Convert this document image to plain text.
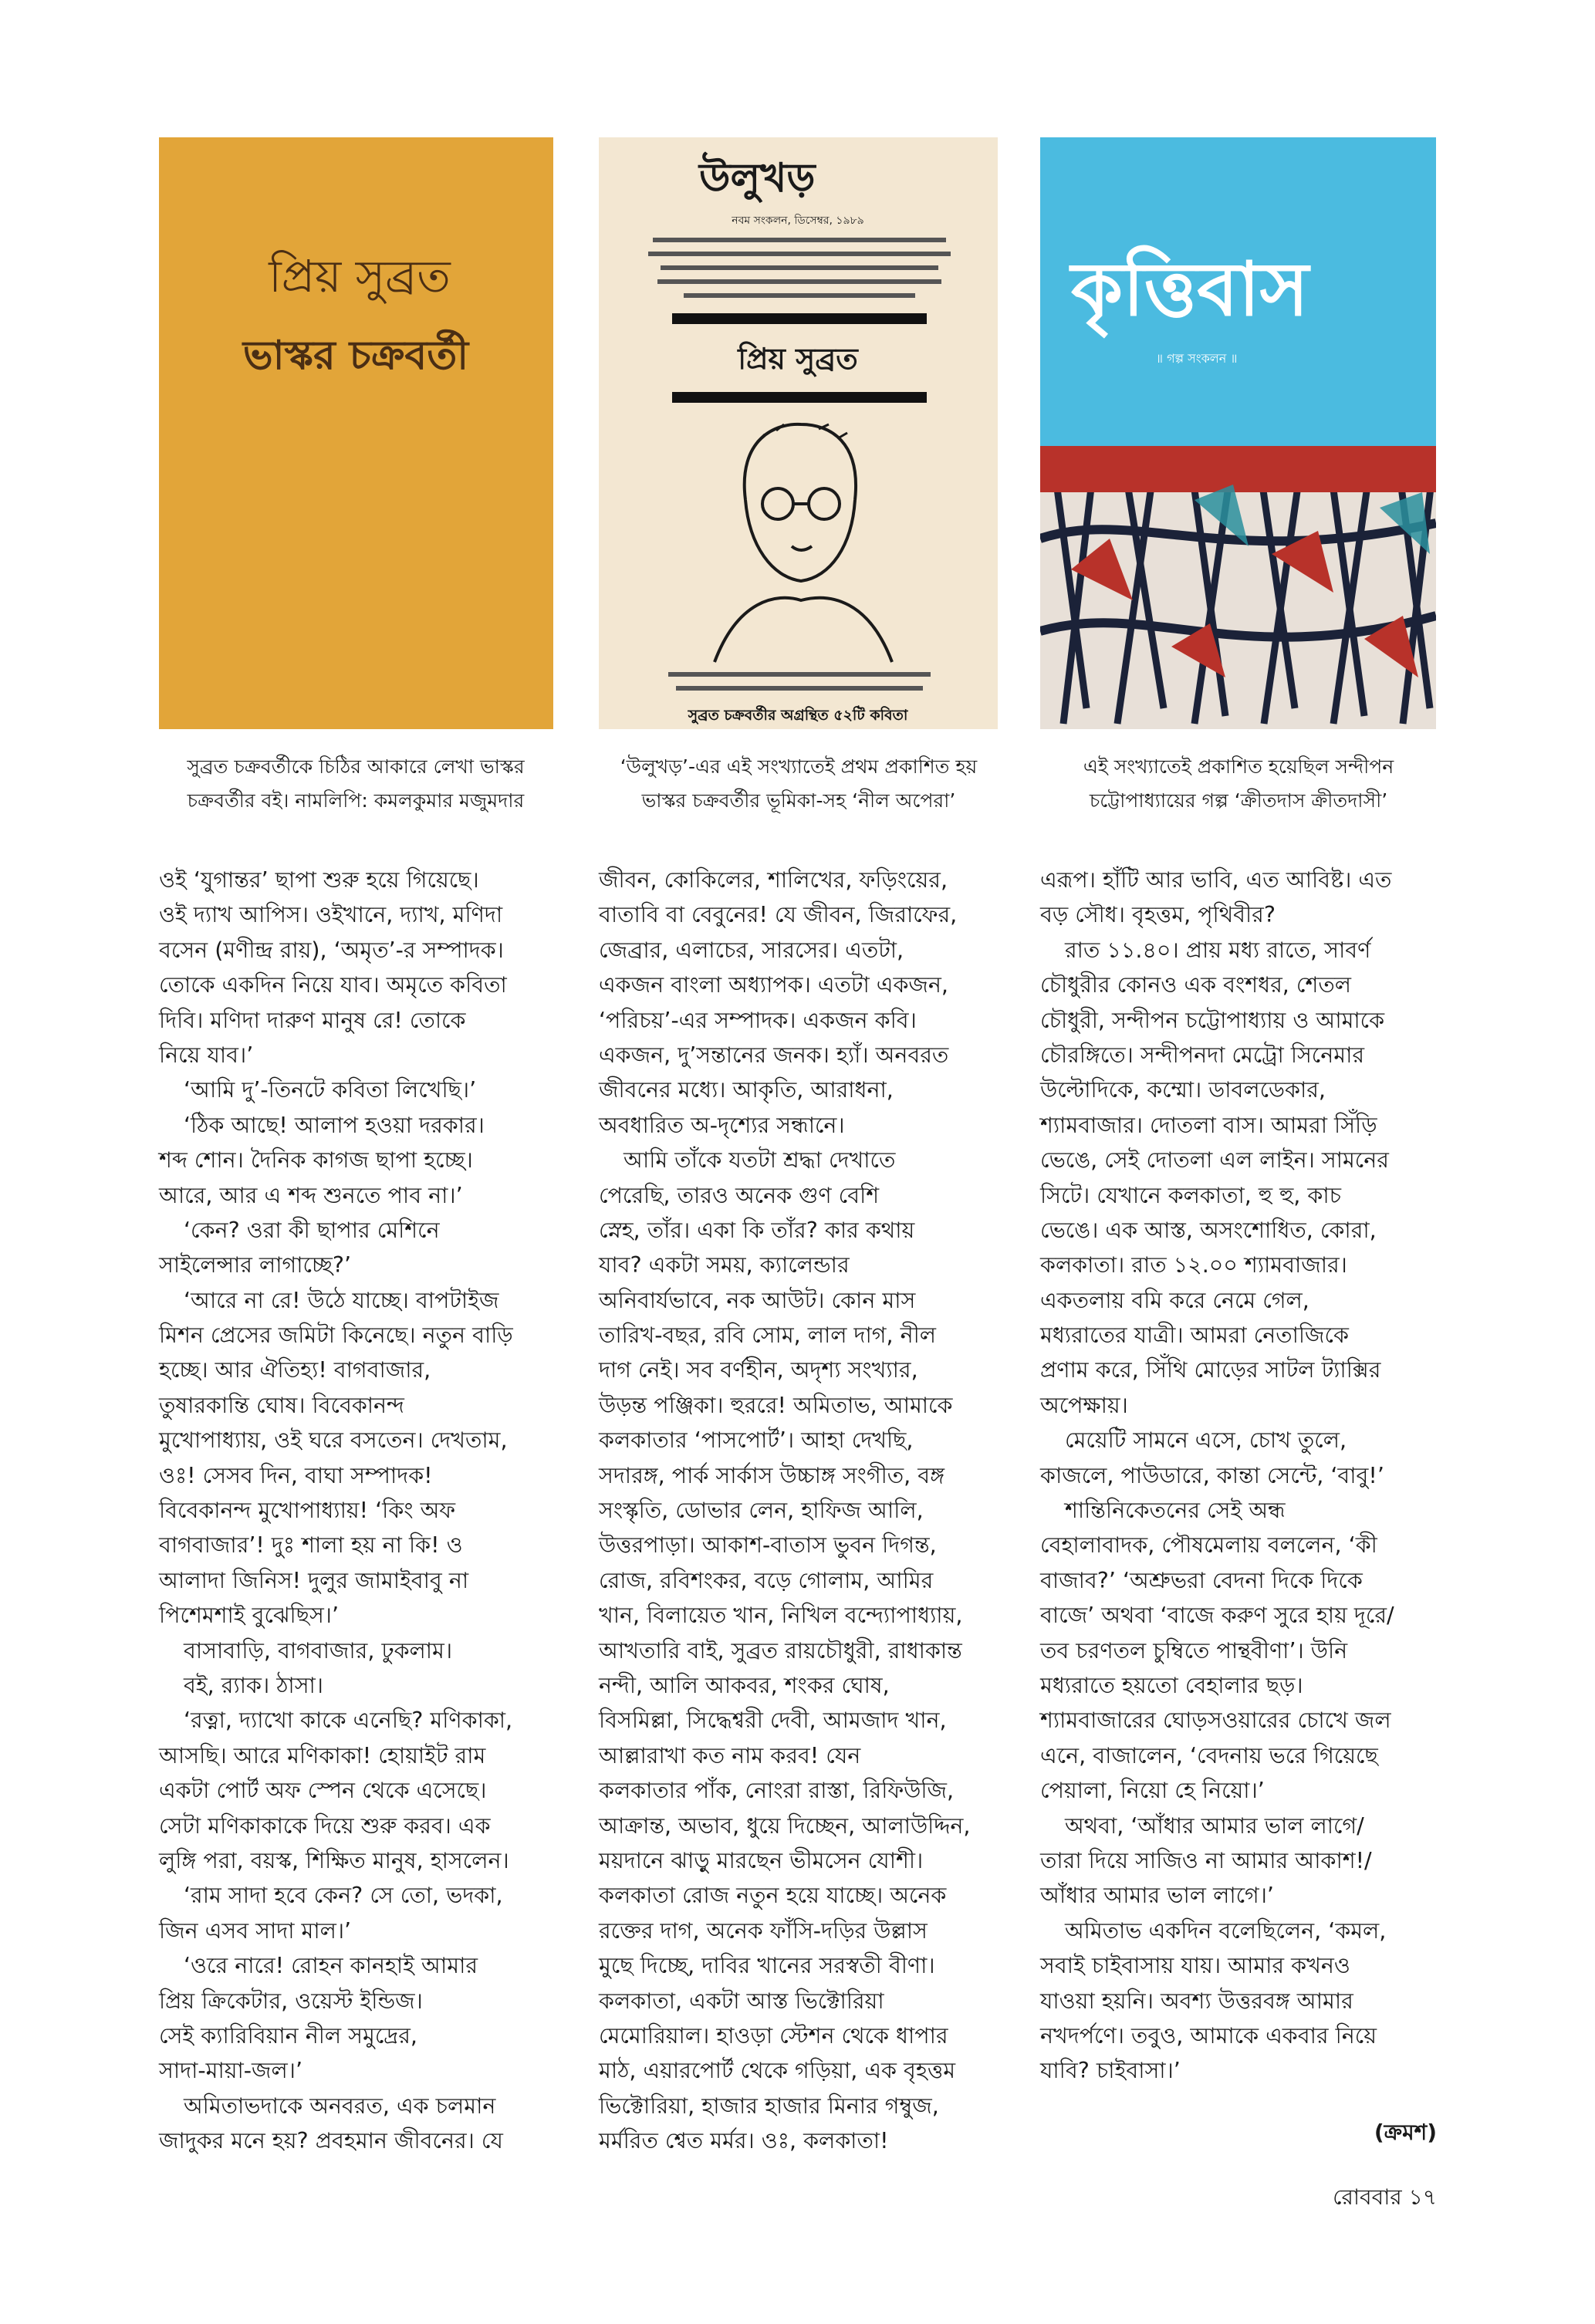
প্রিয় সুব্রত
ভাস্কর চক্রবর্তী
উলুখড়
নবম সংকলন, ডিসেম্বর, ১৯৮৯
প্রিয় সুব্রত
সুব্রত চক্রবর্তীর অগ্রন্থিত ৫২টি কবিতা
কৃত্তিবাস
॥ গল্প সংকলন ॥
সুব্রত চক্রবর্তীকে চিঠির আকারে লেখা ভাস্কর
চক্রবর্তীর বই। নামলিপি: কমলকুমার মজুমদার
‘উলুখড়’-এর এই সংখ্যাতেই প্রথম প্রকাশিত হয়
ভাস্কর চক্রবর্তীর ভূমিকা-সহ ‘নীল অপেরা’
এই সংখ্যাতেই প্রকাশিত হয়েছিল সন্দীপন
চট্টোপাধ্যায়ের গল্প ‘ক্রীতদাস ক্রীতদাসী’
ওই ‘যুগান্তর’ ছাপা শুরু হয়ে গিয়েছে।
ওই দ্যাখ আপিস। ওইখানে, দ্যাখ, মণিদা
বসেন (মণীন্দ্র রায়), ‘অমৃত’-র সম্পাদক।
তোকে একদিন নিয়ে যাব। অমৃতে কবিতা
দিবি। মণিদা দারুণ মানুষ রে! তোকে
নিয়ে যাব।’
‘আমি দু’-তিনটে কবিতা লিখেছি।’
‘ঠিক আছে! আলাপ হওয়া দরকার।
শব্দ শোন। দৈনিক কাগজ ছাপা হচ্ছে।
আরে, আর এ শব্দ শুনতে পাব না।’
‘কেন? ওরা কী ছাপার মেশিনে
সাইলেন্সার লাগাচ্ছে?’
‘আরে না রে! উঠে যাচ্ছে। বাপটাইজ
মিশন প্রেসের জমিটা কিনেছে। নতুন বাড়ি
হচ্ছে। আর ঐতিহ্য! বাগবাজার,
তুষারকান্তি ঘোষ। বিবেকানন্দ
মুখোপাধ্যায়, ওই ঘরে বসতেন। দেখতাম,
ওঃ! সেসব দিন, বাঘা সম্পাদক!
বিবেকানন্দ মুখোপাধ্যায়! ‘কিং অফ
বাগবাজার’! দুঃ শালা হয় না কি! ও
আলাদা জিনিস! দুলুর জামাইবাবু না
পিশেমশাই বুঝেছিস।’
বাসাবাড়ি, বাগবাজার, ঢুকলাম।
বই, র‍্যাক। ঠাসা।
‘রত্না, দ্যাখো কাকে এনেছি? মণিকাকা,
আসছি। আরে মণিকাকা! হোয়াইট রাম
একটা পোর্ট অফ স্পেন থেকে এসেছে।
সেটা মণিকাকাকে দিয়ে শুরু করব। এক
লুঙ্গি পরা, বয়স্ক, শিক্ষিত মানুষ, হাসলেন।
‘রাম সাদা হবে কেন? সে তো, ভদকা,
জিন এসব সাদা মাল।’
‘ওরে নারে! রোহন কানহাই আমার
প্রিয় ক্রিকেটার, ওয়েস্ট ইন্ডিজ।
সেই ক্যারিবিয়ান নীল সমুদ্রের,
সাদা-মায়া-জল।’
অমিতাভদাকে অনবরত, এক চলমান
জাদুকর মনে হয়? প্রবহমান জীবনের। যে
জীবন, কোকিলের, শালিখের, ফড়িংয়ের,
বাতাবি বা বেবুনের! যে জীবন, জিরাফের,
জেব্রার, এলাচের, সারসের। এতটা,
একজন বাংলা অধ্যাপক। এতটা একজন,
‘পরিচয়’-এর সম্পাদক। একজন কবি।
একজন, দু’সন্তানের জনক। হ্যাঁ। অনবরত
জীবনের মধ্যে। আকৃতি, আরাধনা,
অবধারিত অ-দৃশ্যের সন্ধানে।
আমি তাঁকে যতটা শ্রদ্ধা দেখাতে
পেরেছি, তারও অনেক গুণ বেশি
স্নেহ, তাঁর। একা কি তাঁর? কার কথায়
যাব? একটা সময়, ক্যালেন্ডার
অনিবার্যভাবে, নক আউট। কোন মাস
তারিখ-বছর, রবি সোম, লাল দাগ, নীল
দাগ নেই। সব বর্ণহীন, অদৃশ্য সংখ্যার,
উড়ন্ত পঞ্জিকা। হুররে! অমিতাভ, আমাকে
কলকাতার ‘পাসপোর্ট’। আহা দেখছি,
সদারঙ্গ, পার্ক সার্কাস উচ্চাঙ্গ সংগীত, বঙ্গ
সংস্কৃতি, ডোভার লেন, হাফিজ আলি,
উত্তরপাড়া। আকাশ-বাতাস ভুবন দিগন্ত,
রোজ, রবিশংকর, বড়ে গোলাম, আমির
খান, বিলায়েত খান, নিখিল বন্দ্যোপাধ্যায়,
আখতারি বাই, সুব্রত রায়চৌধুরী, রাধাকান্ত
নন্দী, আলি আকবর, শংকর ঘোষ,
বিসমিল্লা, সিদ্ধেশ্বরী দেবী, আমজাদ খান,
আল্লারাখা কত নাম করব! যেন
কলকাতার পাঁক, নোংরা রাস্তা, রিফিউজি,
আক্রান্ত, অভাব, ধুয়ে দিচ্ছেন, আলাউদ্দিন,
ময়দানে ঝাড়ু মারছেন ভীমসেন যোশী।
কলকাতা রোজ নতুন হয়ে যাচ্ছে। অনেক
রক্তের দাগ, অনেক ফাঁসি-দড়ির উল্লাস
মুছে দিচ্ছে, দাবির খানের সরস্বতী বীণা।
কলকাতা, একটা আস্ত ভিক্টোরিয়া
মেমোরিয়াল। হাওড়া স্টেশন থেকে ধাপার
মাঠ, এয়ারপোর্ট থেকে গড়িয়া, এক বৃহত্তম
ভিক্টোরিয়া, হাজার হাজার মিনার গম্বুজ,
মর্মরিত শ্বেত মর্মর। ওঃ, কলকাতা!
এরূপ। হাঁটি আর ভাবি, এত আবিষ্ট। এত
বড় সৌধ। বৃহত্তম, পৃথিবীর?
রাত ১১.৪০। প্রায় মধ্য রাতে, সাবর্ণ
চৌধুরীর কোনও এক বংশধর, শেতল
চৌধুরী, সন্দীপন চট্টোপাধ্যায় ও আমাকে
চৌরঙ্গিতে। সন্দীপনদা মেট্রো সিনেমার
উল্টোদিকে, কম্মো। ডাবলডেকার,
শ্যামবাজার। দোতলা বাস। আমরা সিঁড়ি
ভেঙে, সেই দোতলা এল লাইন। সামনের
সিটে। যেখানে কলকাতা, হু হু, কাচ
ভেঙে। এক আস্ত, অসংশোধিত, কোরা,
কলকাতা। রাত ১২.০০ শ্যামবাজার।
একতলায় বমি করে নেমে গেল,
মধ্যরাতের যাত্রী। আমরা নেতাজিকে
প্রণাম করে, সিঁথি মোড়ের সাটল ট্যাক্সির
অপেক্ষায়।
মেয়েটি সামনে এসে, চোখ তুলে,
কাজলে, পাউডারে, কান্তা সেন্টে, ‘বাবু!’
শান্তিনিকেতনের সেই অন্ধ
বেহালাবাদক, পৌষমেলায় বললেন, ‘কী
বাজাব?’ ‘অশ্রুভরা বেদনা দিকে দিকে
বাজে’ অথবা ‘বাজে করুণ সুরে হায় দূরে/
তব চরণতল চুম্বিতে পান্থবীণা’। উনি
মধ্যরাতে হয়তো বেহালার ছড়।
শ্যামবাজারের ঘোড়সওয়ারের চোখে জল
এনে, বাজালেন, ‘বেদনায় ভরে গিয়েছে
পেয়ালা, নিয়ো হে নিয়ো।’
অথবা, ‘আঁধার আমার ভাল লাগে/
তারা দিয়ে সাজিও না আমার আকাশ!/
আঁধার আমার ভাল লাগে।’
অমিতাভ একদিন বলেছিলেন, ‘কমল,
সবাই চাইবাসায় যায়। আমার কখনও
যাওয়া হয়নি। অবশ্য উত্তরবঙ্গ আমার
নখদর্পণে। তবুও, আমাকে একবার নিয়ে
যাবি? চাইবাসা।’
(ক্রমশ)
রোববার ১৭
